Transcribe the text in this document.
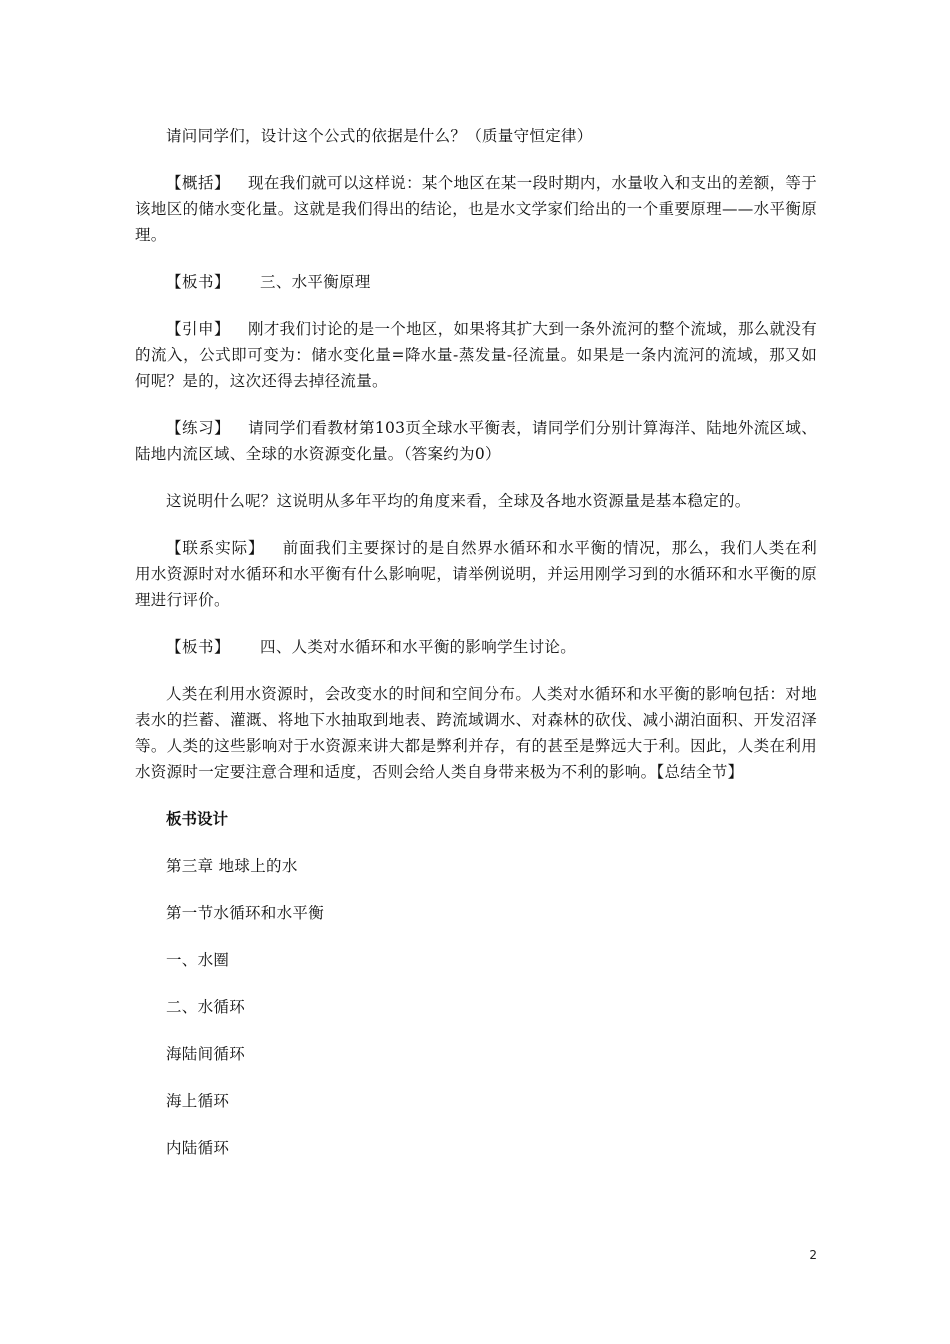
请问同学们，设计这个公式的依据是什么？（质量守恒定律）

【概括】 现在我们就可以这样说：某个地区在某一段时期内，水量收入和支出的差额，等于该地区的储水变化量。这就是我们得出的结论，也是水文学家们给出的一个重要原理——水平衡原理。

【板书】 三、水平衡原理

【引申】 刚才我们讨论的是一个地区，如果将其扩大到一条外流河的整个流域，那么就没有的流入，公式即可变为：储水变化量=降水量-蒸发量-径流量。如果是一条内流河的流域，那又如何呢？是的，这次还得去掉径流量。

【练习】 请同学们看教材第103页全球水平衡表，请同学们分别计算海洋、陆地外流区域、陆地内流区域、全球的水资源变化量。（答案约为0）

这说明什么呢？这说明从多年平均的角度来看，全球及各地水资源量是基本稳定的。

【联系实际】 前面我们主要探讨的是自然界水循环和水平衡的情况，那么，我们人类在利用水资源时对水循环和水平衡有什么影响呢，请举例说明，并运用刚学习到的水循环和水平衡的原理进行评价。

【板书】 四、人类对水循环和水平衡的影响学生讨论。

人类在利用水资源时，会改变水的时间和空间分布。人类对水循环和水平衡的影响包括：对地表水的拦蓄、灌溉、将地下水抽取到地表、跨流域调水、对森林的砍伐、减小湖泊面积、开发沼泽等。人类的这些影响对于水资源来讲大都是弊利并存，有的甚至是弊远大于利。因此，人类在利用水资源时一定要注意合理和适度，否则会给人类自身带来极为不利的影响。【总结全节】

板书设计

第三章 地球上的水

第一节水循环和水平衡

一、水圈

二、水循环

海陆间循环

海上循环

内陆循环

2
